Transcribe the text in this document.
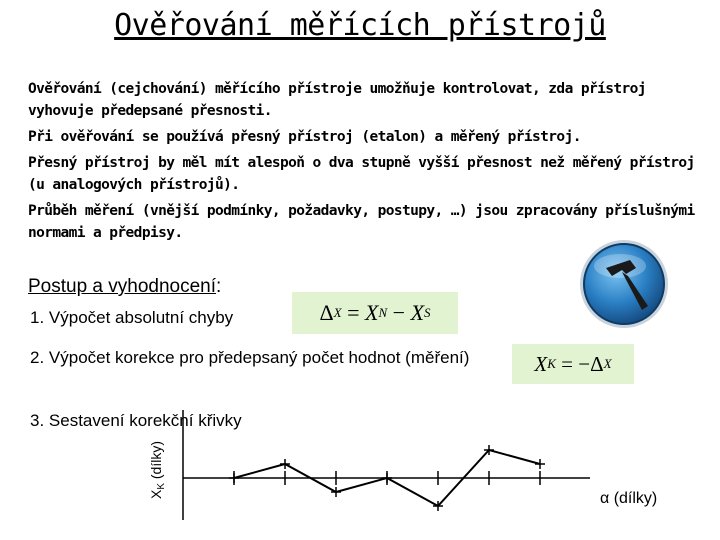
Ověřování měřících přístrojů
Ověřování (cejchování) měřícího přístroje umožňuje kontrolovat, zda přístroj vyhovuje předepsané přesnosti.
Při ověřování se používá přesný přístroj (etalon) a měřený přístroj.
Přesný přístroj by měl mít alespoň o dva stupně vyšší přesnost než měřený přístroj (u analogových přístrojů).
Průběh měření (vnější podmínky, požadavky, postupy, …) jsou zpracovány příslušnými normami a předpisy.
Postup a vyhodnocení:
1. Výpočet absolutní chyby
2. Výpočet korekce pro předepsaný počet hodnot (měření)
3. Sestavení korekční křivky
Δ X = X N − X S
X K = − Δ X
$X_K$ (dílky)
α (dílky)
